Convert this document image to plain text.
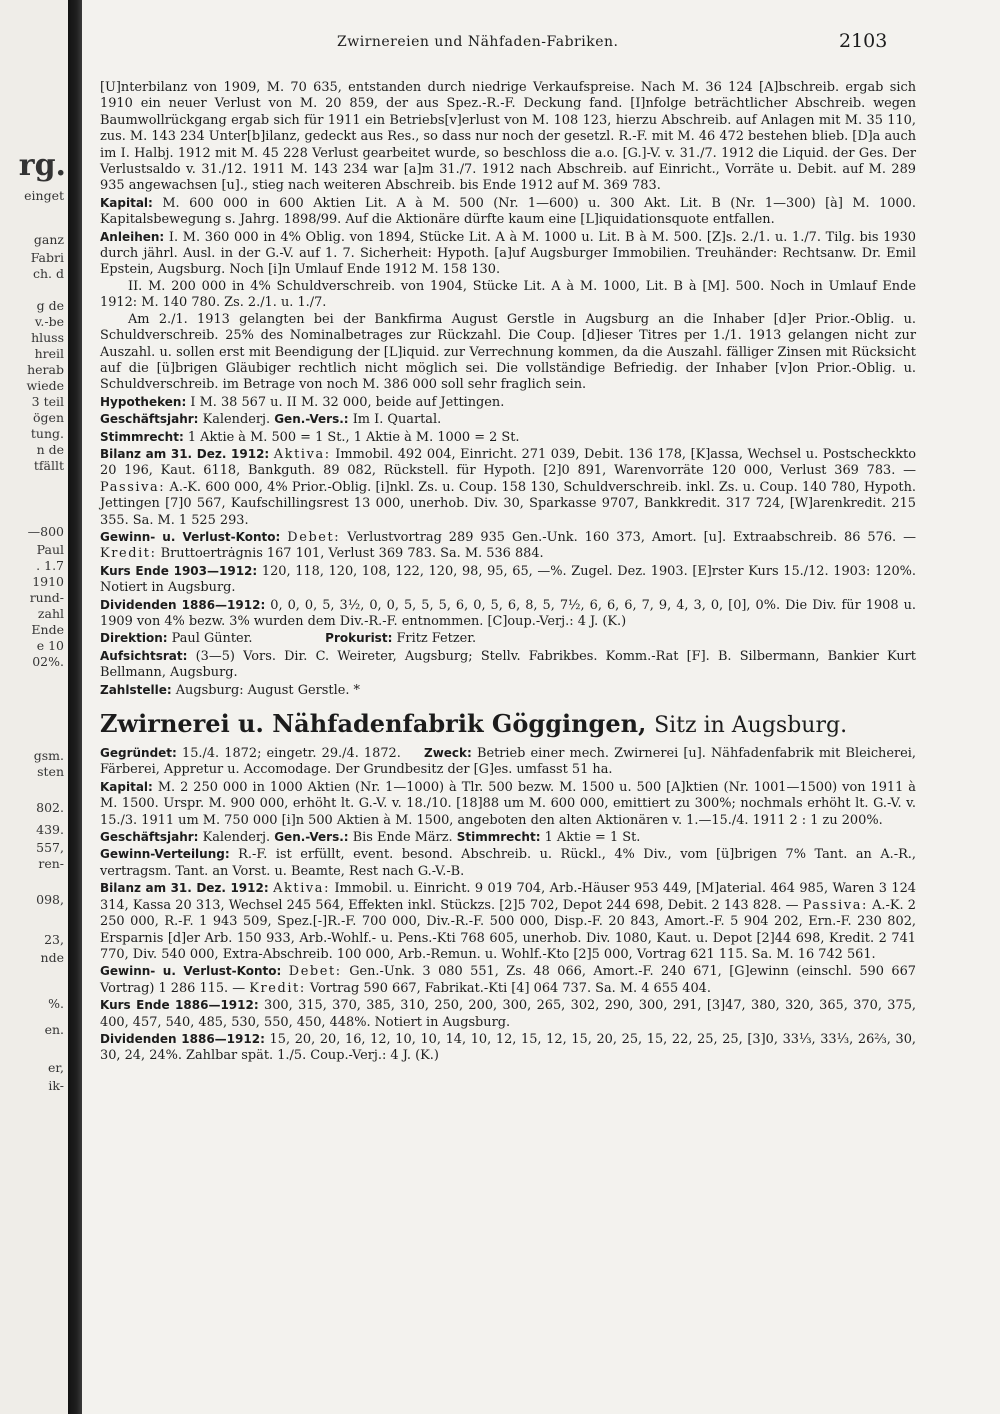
rg.
einget
ganz
Fabri
ch. d
g de
v.-be
hluss
hreil
herab
wiede
3 teil
ögen
tung.
n de
tfällt
—800
Paul
. 1.7
1910
rund-
zahl
Ende
e 10
02%.
gsm.
sten
802.
439.
557,
ren-
098,
23,
nde
%.
en.
er,
ik-
Zwirnereien und Nähfaden-Fabriken.	2103

[U]nterbilanz von 1909, M. 70 635, entstanden durch niedrige Verkaufspreise. Nach M. 36 124 [A]bschreib. ergab sich 1910 ein neuer Verlust von M. 20 859, der aus Spez.-R.-F. Deckung fand. [I]nfolge beträchtlicher Abschreib. wegen Baumwollrückgang ergab sich für 1911 ein Betriebs[v]erlust von M. 108 123, hierzu Abschreib. auf Anlagen mit M. 35 110, zus. M. 143 234 Unter[b]ilanz, gedeckt aus Res., so dass nur noch der gesetzl. R.-F. mit M. 46 472 bestehen blieb. [D]a auch im I. Halbj. 1912 mit M. 45 228 Verlust gearbeitet wurde, so beschloss die a.o. [G.]-V. v. 31./7. 1912 die Liquid. der Ges. Der Verlustsaldo v. 31./12. 1911 M. 143 234 war [a]m 31./7. 1912 nach Abschreib. auf Einricht., Vorräte u. Debit. auf M. 289 935 angewachsen [u]., stieg nach weiteren Abschreib. bis Ende 1912 auf M. 369 783.

Kapital: M. 600 000 in 600 Aktien Lit. A à M. 500 (Nr. 1—600) u. 300 Akt. Lit. B (Nr. 1—300) [à] M. 1000. Kapitalsbewegung s. Jahrg. 1898/99. Auf die Aktionäre dürfte kaum eine [L]iquidationsquote entfallen.

Anleihen: I. M. 360 000 in 4% Oblig. von 1894, Stücke Lit. A à M. 1000 u. Lit. B à M. 500. [Z]s. 2./1. u. 1./7. Tilg. bis 1930 durch jährl. Ausl. in der G.-V. auf 1. 7. Sicherheit: Hypoth. [a]uf Augsburger Immobilien. Treuhänder: Rechtsanw. Dr. Emil Epstein, Augsburg. Noch [i]n Umlauf Ende 1912 M. 158 130.

II. M. 200 000 in 4% Schuldverschreib. von 1904, Stücke Lit. A à M. 1000, Lit. B à [M]. 500. Noch in Umlauf Ende 1912: M. 140 780. Zs. 2./1. u. 1./7.

Am 2./1. 1913 gelangten bei der Bankfirma August Gerstle in Augsburg an die Inhaber [d]er Prior.-Oblig. u. Schuldverschreib. 25% des Nominalbetrages zur Rückzahl. Die Coup. [d]ieser Titres per 1./1. 1913 gelangen nicht zur Auszahl. u. sollen erst mit Beendigung der [L]iquid. zur Verrechnung kommen, da die Auszahl. fälliger Zinsen mit Rücksicht auf die [ü]brigen Gläubiger rechtlich nicht möglich sei. Die vollständige Befriedig. der Inhaber [v]on Prior.-Oblig. u. Schuldverschreib. im Betrage von noch M. 386 000 soll sehr fraglich sein.

Hypotheken: I M. 38 567 u. II M. 32 000, beide auf Jettingen.

Geschäftsjahr: Kalenderj. Gen.-Vers.: Im I. Quartal.

Stimmrecht: 1 Aktie à M. 500 = 1 St., 1 Aktie à M. 1000 = 2 St.

Bilanz am 31. Dez. 1912: Aktiva: Immobil. 492 004, Einricht. 271 039, Debit. 136 178, [K]assa, Wechsel u. Postscheckkto 20 196, Kaut. 6118, Bankguth. 89 082, Rückstell. für Hypoth. [2]0 891, Warenvorräte 120 000, Verlust 369 783. — Passiva: A.-K. 600 000, 4% Prior.-Oblig. [i]nkl. Zs. u. Coup. 158 130, Schuldverschreib. inkl. Zs. u. Coup. 140 780, Hypoth. Jettingen [7]0 567, Kaufschillingsrest 13 000, unerhob. Div. 30, Sparkasse 9707, Bankkredit. 317 724, [W]arenkredit. 215 355. Sa. M. 1 525 293.

Gewinn- u. Verlust-Konto: Debet: Verlustvortrag 289 935 Gen.-Unk. 160 373, Amort. [u]. Extraabschreib. 86 576. — Kredit: Bruttoertrȧgnis 167 101, Verlust 369 783. Sa. M. 536 884.

Kurs Ende 1903—1912: 120, 118, 120, 108, 122, 120, 98, 95, 65, —%. Zugel. Dez. 1903. [E]rster Kurs 15./12. 1903: 120%. Notiert in Augsburg.

Dividenden 1886—1912: 0, 0, 0, 5, 3½, 0, 0, 5, 5, 5, 6, 0, 5, 6, 8, 5, 7½, 6, 6, 6, 7, 9, 4, 3, 0, [0], 0%. Die Div. für 1908 u. 1909 von 4% bezw. 3% wurden dem Div.-R.-F. entnommen. [C]oup.-Verj.: 4 J. (K.)

Direktion: Paul Günter.      	Prokurist: Fritz Fetzer.

Aufsichtsrat: (3—5) Vors. Dir. C. Weireter, Augsburg; Stellv. Fabrikbes. Komm.-Rat [F]. B. Silbermann, Bankier Kurt Bellmann, Augsburg.

Zahlstelle: Augsburg: August Gerstle. *

Zwirnerei u. Nähfadenfabrik Göggingen, Sitz in Augsburg.

Gegründet: 15./4. 1872; eingetr. 29./4. 1872.   Zweck: Betrieb einer mech. Zwirnerei [u]. Nähfadenfabrik mit Bleicherei, Färberei, Appretur u. Accomodage. Der Grundbesitz der [G]es. umfasst 51 ha.

Kapital: M. 2 250 000 in 1000 Aktien (Nr. 1—1000) à Tlr. 500 bezw. M. 1500 u. 500 [A]ktien (Nr. 1001—1500) von 1911 à M. 1500. Urspr. M. 900 000, erhöht lt. G.-V. v. 18./10. [18]88 um M. 600 000, emittiert zu 300%; nochmals erhöht lt. G.-V. v. 15./3. 1911 um M. 750 000 [i]n 500 Aktien à M. 1500, angeboten den alten Aktionären v. 1.—15./4. 1911 2 : 1 zu 200%.

Geschäftsjahr: Kalenderj. Gen.-Vers.: Bis Ende März. Stimmrecht: 1 Aktie = 1 St.

Gewinn-Verteilung: R.-F. ist erfüllt, event. besond. Abschreib. u. Rückl., 4% Div., vom [ü]brigen 7% Tant. an A.-R., vertragsm. Tant. an Vorst. u. Beamte, Rest nach G.-V.-B.

Bilanz am 31. Dez. 1912: Aktiva: Immobil. u. Einricht. 9 019 704, Arb.-Häuser 953 449, [M]aterial. 464 985, Waren 3 124 314, Kassa 20 313, Wechsel 245 564, Effekten inkl. Stückzs. [2]5 702, Depot 244 698, Debit. 2 143 828. — Passiva: A.-K. 2 250 000, R.-F. 1 943 509, Spez.[-]R.-F. 700 000, Div.-R.-F. 500 000, Disp.-F. 20 843, Amort.-F. 5 904 202, Ern.-F. 230 802, Ersparnis [d]er Arb. 150 933, Arb.-Wohlf.- u. Pens.-Kti 768 605, unerhob. Div. 1080, Kaut. u. Depot [2]44 698, Kredit. 2 741 770, Div. 540 000, Extra-Abschreib. 100 000, Arb.-Remun. u. Wohlf.-Kto [2]5 000, Vortrag 621 115. Sa. M. 16 742 561.

Gewinn- u. Verlust-Konto: Debet: Gen.-Unk. 3 080 551, Zs. 48 066, Amort.-F. 240 671, [G]ewinn (einschl. 590 667 Vortrag) 1 286 115. — Kredit: Vortrag 590 667, Fabrikat.-Kti [4] 064 737. Sa. M. 4 655 404.

Kurs Ende 1886—1912: 300, 315, 370, 385, 310, 250, 200, 300, 265, 302, 290, 300, 291, [3]47, 380, 320, 365, 370, 375, 400, 457, 540, 485, 530, 550, 450, 448%. Notiert in Augsburg.

Dividenden 1886—1912: 15, 20, 20, 16, 12, 10, 10, 14, 10, 12, 15, 12, 15, 20, 25, 15, 22, 25, 25, [3]0, 33⅓, 33⅓, 26⅔, 30, 30, 24, 24%. Zahlbar spät. 1./5. Coup.-Verj.: 4 J. (K.)
